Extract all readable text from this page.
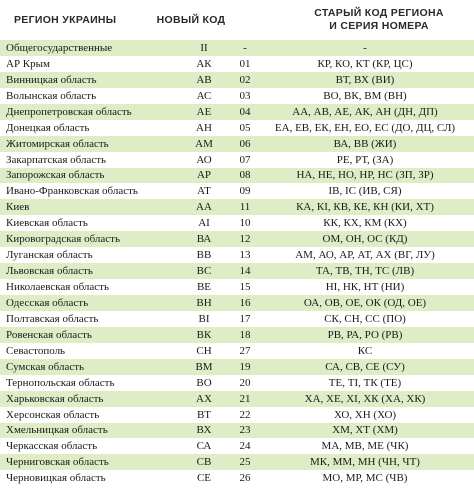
РЕГИОН УКРАИНЫ	НОВЫЙ КОД
СТАРЫЙ КОД РЕГИОНА
И СЕРИЯ НОМЕРА
Общегосударственные	II	-	-
АР Крым	АК	01	КР, КО, КТ (КР, ЦС)
Винницкая область	АВ	02	ВТ, ВХ (ВИ)
Волынская область	АС	03	ВО, ВК, ВМ (ВН)
Днепропетровская область	АЕ	04	АА, АВ, АЕ, АК, АН (ДН, ДП)
Донецкая область	АН	05	ЕА, ЕВ, ЕК, ЕН, ЕО, ЕС (ДО, ДЦ, СЛ)
Житомирская область	АМ	06	ВА, ВВ (ЖИ)
Закарпатская область	АО	07	РЕ, РТ, (ЗА)
Запорожская область	АР	08	НА, НЕ, НО, НР, НС (ЗП, ЗР)
Ивано-Франковская область	АТ	09	ІВ, ІС (ИВ, СЯ)
Киев	АА	11	КА, КІ, КВ, КЕ, КН (КИ, ХТ)
Киевская область	АІ	10	КК, КХ, КМ (КХ)
Кировоградская область	ВА	12	ОМ, ОН, ОС (КД)
Луганская область	ВВ	13	АМ, АО, АР, АТ, АХ (ВГ, ЛУ)
Львовская область	ВС	14	ТА, ТВ, ТН, ТС (ЛВ)
Николаевская область	ВЕ	15	НІ, НК, НТ (НИ)
Одесская область	ВН	16	ОА, ОВ, ОЕ, ОК (ОД, ОЕ)
Полтавская область	ВІ	17	СК, СН, СС (ПО)
Ровенская область	ВК	18	РВ, РА, РО (РВ)
Севастополь	СН	27	КС
Сумская область	ВМ	19	СА, СВ, СЕ (СУ)
Тернопольская область	ВО	20	ТЕ, ТІ, ТК (ТЕ)
Харьковская область	АХ	21	ХА, ХЕ, ХІ, ХК (ХА, ХК)
Херсонская область	ВТ	22	ХО, ХН (ХО)
Хмельницкая область	ВХ	23	ХМ, ХТ (ХМ)
Черкасская область	СА	24	МА, МВ, МЕ (ЧК)
Черниговская область	СВ	25	МК, ММ, МН (ЧН, ЧТ)
Черновицкая область	СЕ	26	МО, МР, МС (ЧВ)
